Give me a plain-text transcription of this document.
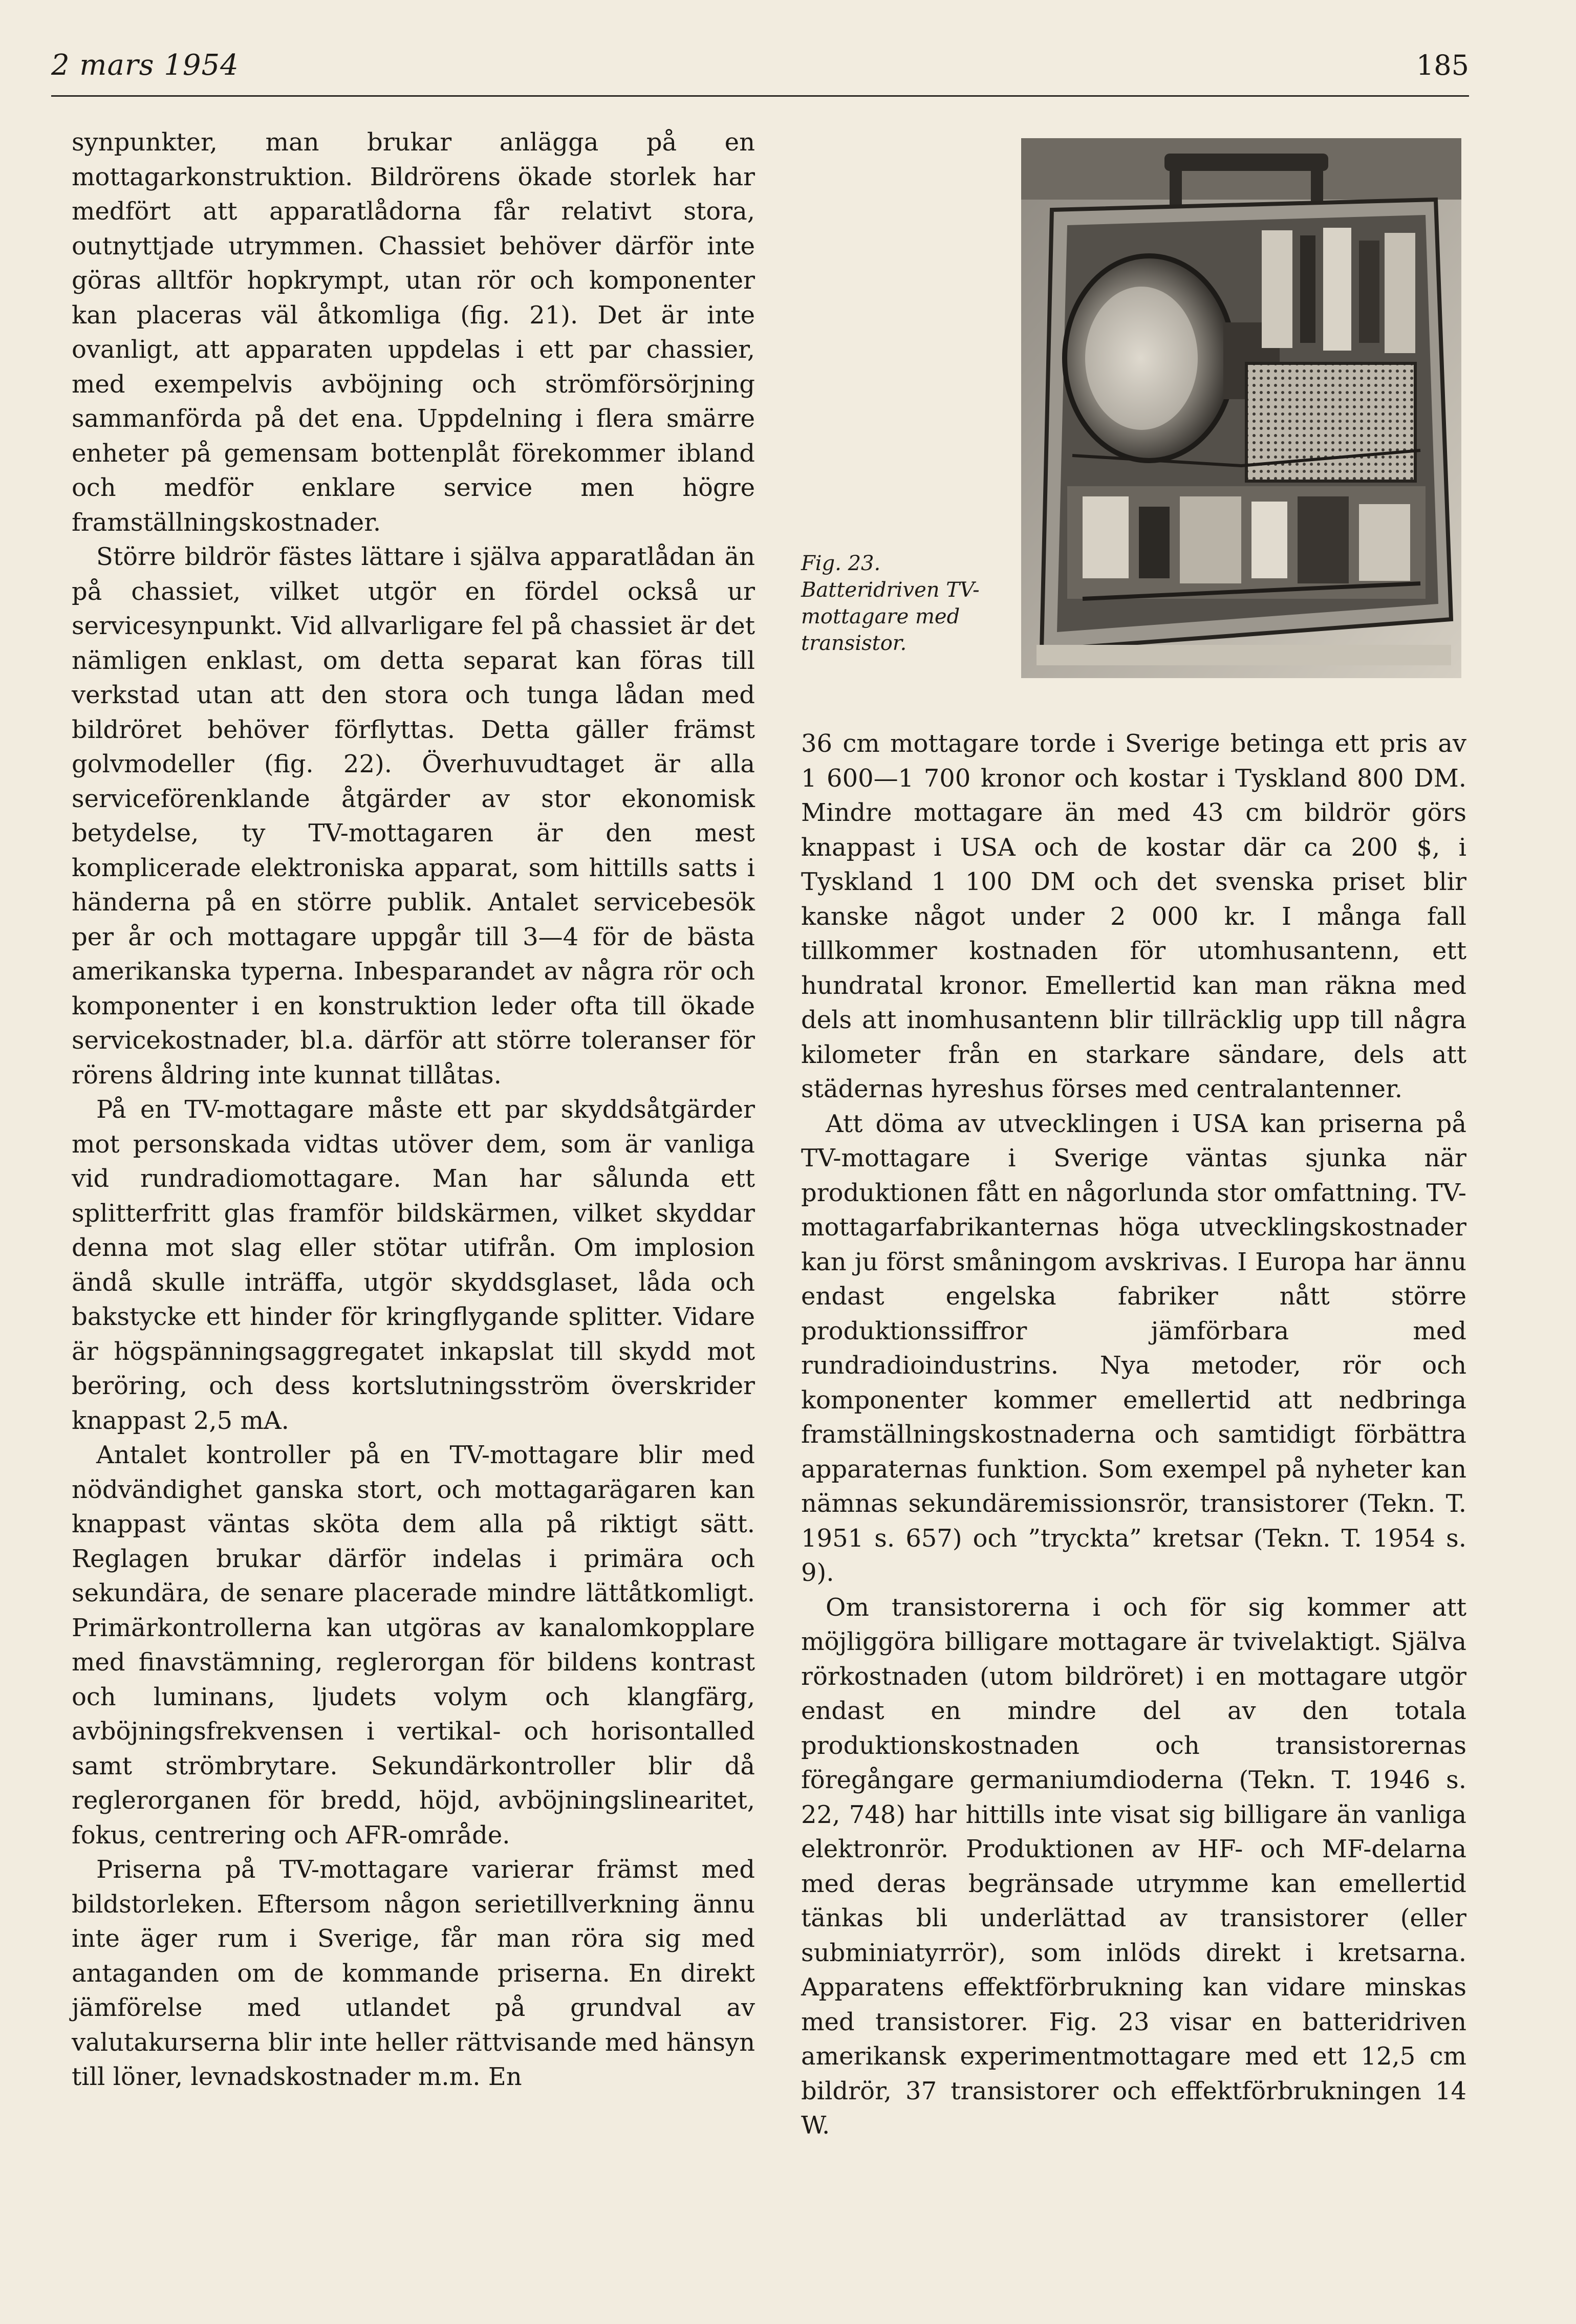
2 mars 1954	185

synpunkter, man brukar anlägga på en mottagarkonstruktion. Bildrörens ökade storlek har medfört att apparatlådorna får relativt stora, outnyttjade utrymmen. Chassiet behöver därför inte göras alltför hopkrympt, utan rör och komponenter kan placeras väl åtkomliga (fig. 21). Det är inte ovanligt, att apparaten uppdelas i ett par chassier, med exempelvis avböjning och strömförsörjning sammanförda på det ena. Uppdelning i flera smärre enheter på gemensam bottenplåt förekommer ibland och medför enklare service men högre framställningskostnader.

Större bildrör fästes lättare i själva apparatlådan än på chassiet, vilket utgör en fördel också ur servicesynpunkt. Vid allvarligare fel på chassiet är det nämligen enklast, om detta separat kan föras till verkstad utan att den stora och tunga lådan med bildröret behöver förflyttas. Detta gäller främst golvmodeller (fig. 22). Överhuvudtaget är alla serviceförenklande åtgärder av stor ekonomisk betydelse, ty TV-mottagaren är den mest komplicerade elektroniska apparat, som hittills satts i händerna på en större publik. Antalet servicebesök per år och mottagare uppgår till 3—4 för de bästa amerikanska typerna. Inbesparandet av några rör och komponenter i en konstruktion leder ofta till ökade servicekostnader, bl.a. därför att större toleranser för rörens åldring inte kunnat tillåtas.

På en TV-mottagare måste ett par skyddsåtgärder mot personskada vidtas utöver dem, som är vanliga vid rundradiomottagare. Man har sålunda ett splitterfritt glas framför bildskärmen, vilket skyddar denna mot slag eller stötar utifrån. Om implosion ändå skulle inträffa, utgör skyddsglaset, låda och bakstycke ett hinder för kringflygande splitter. Vidare är högspänningsaggregatet inkapslat till skydd mot beröring, och dess kortslutningsström överskrider knappast 2,5 mA.

Antalet kontroller på en TV-mottagare blir med nödvändighet ganska stort, och mottagarägaren kan knappast väntas sköta dem alla på riktigt sätt. Reglagen brukar därför indelas i primära och sekundära, de senare placerade mindre lättåtkomligt. Primärkontrollerna kan utgöras av kanalomkopplare med finavstämning, reglerorgan för bildens kontrast och luminans, ljudets volym och klangfärg, avböjningsfrekvensen i vertikal- och horisontalled samt strömbrytare. Sekundärkontroller blir då reglerorganen för bredd, höjd, avböjningslinearitet, fokus, centrering och AFR-område.

Priserna på TV-mottagare varierar främst med bildstorleken. Eftersom någon serietillverkning ännu inte äger rum i Sverige, får man röra sig med antaganden om de kommande priserna. En direkt jämförelse med utlandet på grundval av valutakurserna blir inte heller rättvisande med hänsyn till löner, levnadskostnader m.m. En

Fig. 23. Batteridriven TV-mottagare med transistor.

36 cm mottagare torde i Sverige betinga ett pris av 1 600—1 700 kronor och kostar i Tyskland 800 DM. Mindre mottagare än med 43 cm bildrör görs knappast i USA och de kostar där ca 200 $, i Tyskland 1 100 DM och det svenska priset blir kanske något under 2 000 kr. I många fall tillkommer kostnaden för utomhusantenn, ett hundratal kronor. Emellertid kan man räkna med dels att inomhusantenn blir tillräcklig upp till några kilometer från en starkare sändare, dels att städernas hyreshus förses med centralantenner.

Att döma av utvecklingen i USA kan priserna på TV-mottagare i Sverige väntas sjunka när produktionen fått en någorlunda stor omfattning. TV-mottagarfabrikanternas höga utvecklingskostnader kan ju först småningom avskrivas. I Europa har ännu endast engelska fabriker nått större produktionssiffror jämförbara med rundradioindustrins. Nya metoder, rör och komponenter kommer emellertid att nedbringa framställningskostnaderna och samtidigt förbättra apparaternas funktion. Som exempel på nyheter kan nämnas sekundäremissionsrör, transistorer (Tekn. T. 1951 s. 657) och ”tryckta” kretsar (Tekn. T. 1954 s. 9).

Om transistorerna i och för sig kommer att möjliggöra billigare mottagare är tvivelaktigt. Själva rörkostnaden (utom bildröret) i en mottagare utgör endast en mindre del av den totala produktionskostnaden och transistorernas föregångare germaniumdioderna (Tekn. T. 1946 s. 22, 748) har hittills inte visat sig billigare än vanliga elektronrör. Produktionen av HF- och MF-delarna med deras begränsade utrymme kan emellertid tänkas bli underlättad av transistorer (eller subminiatyrrör), som inlöds direkt i kretsarna. Apparatens effektförbrukning kan vidare minskas med transistorer. Fig. 23 visar en batteridriven amerikansk experimentmottagare med ett 12,5 cm bildrör, 37 transistorer och effektförbrukningen 14 W.
